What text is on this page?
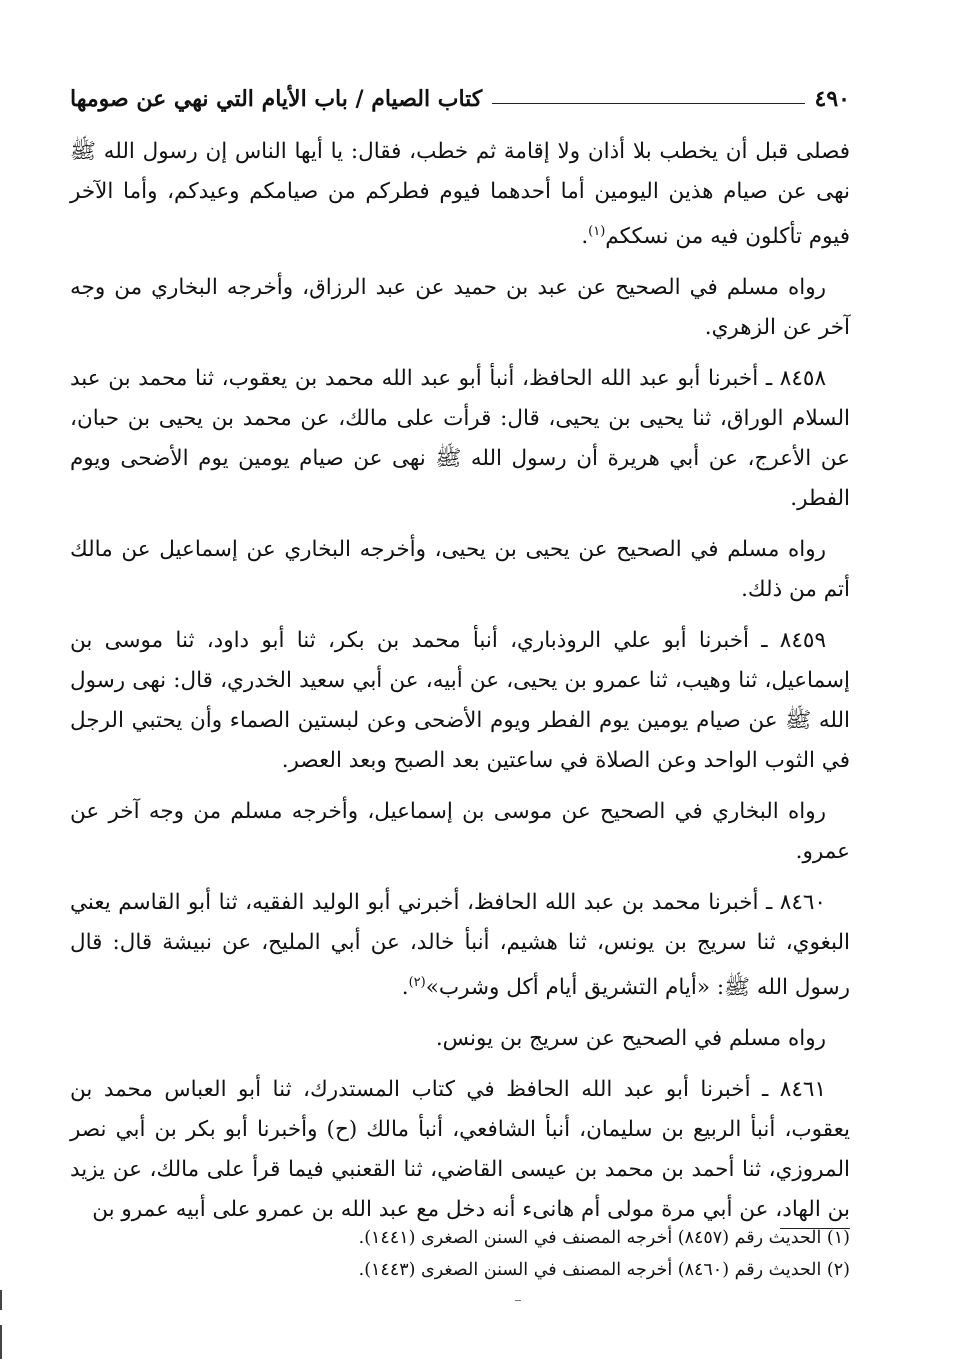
٤٩٠
كتاب الصيام / باب الأيام التي نهي عن صومها

فصلى قبل أن يخطب بلا أذان ولا إقامة ثم خطب، فقال: يا أيها الناس إن رسول الله ﷺ نهى عن صيام هذين اليومين أما أحدهما فيوم فطركم من صيامكم وعيدكم، وأما الآخر فيوم تأكلون فيه من نسككم$^{(١)}$.

رواه مسلم في الصحيح عن عبد بن حميد عن عبد الرزاق، وأخرجه البخاري من وجه آخر عن الزهري.

٨٤٥٨ ـ أخبرنا أبو عبد الله الحافظ، أنبأ أبو عبد الله محمد بن يعقوب، ثنا محمد بن عبد السلام الوراق، ثنا يحيى بن يحيى، قال: قرأت على مالك، عن محمد بن يحيى بن حبان، عن الأعرج، عن أبي هريرة أن رسول الله ﷺ نهى عن صيام يومين يوم الأضحى ويوم الفطر.

رواه مسلم في الصحيح عن يحيى بن يحيى، وأخرجه البخاري عن إسماعيل عن مالك أتم من ذلك.

٨٤٥٩ ـ أخبرنا أبو علي الروذباري، أنبأ محمد بن بكر، ثنا أبو داود، ثنا موسى بن إسماعيل، ثنا وهيب، ثنا عمرو بن يحيى، عن أبيه، عن أبي سعيد الخدري، قال: نهى رسول الله ﷺ عن صيام يومين يوم الفطر ويوم الأضحى وعن لبستين الصماء وأن يحتبي الرجل في الثوب الواحد وعن الصلاة في ساعتين بعد الصبح وبعد العصر.

رواه البخاري في الصحيح عن موسى بن إسماعيل، وأخرجه مسلم من وجه آخر عن عمرو.

٨٤٦٠ ـ أخبرنا محمد بن عبد الله الحافظ، أخبرني أبو الوليد الفقيه، ثنا أبو القاسم يعني البغوي، ثنا سريج بن يونس، ثنا هشيم، أنبأ خالد، عن أبي المليح، عن نبيشة قال: قال رسول الله ﷺ: «أيام التشريق أيام أكل وشرب»$^{(٢)}$.

رواه مسلم في الصحيح عن سريج بن يونس.

٨٤٦١ ـ أخبرنا أبو عبد الله الحافظ في كتاب المستدرك، ثنا أبو العباس محمد بن يعقوب، أنبأ الربيع بن سليمان، أنبأ الشافعي، أنبأ مالك (ح) وأخبرنا أبو بكر بن أبي نصر المروزي، ثنا أحمد بن محمد بن عيسى القاضي، ثنا القعنبي فيما قرأ على مالك، عن يزيد بن الهاد، عن أبي مرة مولى أم هانىء أنه دخل مع عبد الله بن عمرو على أبيه عمرو بن

(١) الحديث رقم (٨٤٥٧) أخرجه المصنف في السنن الصغرى (١٤٤١).

(٢) الحديث رقم (٨٤٦٠) أخرجه المصنف في السنن الصغرى (١٤٤٣).
